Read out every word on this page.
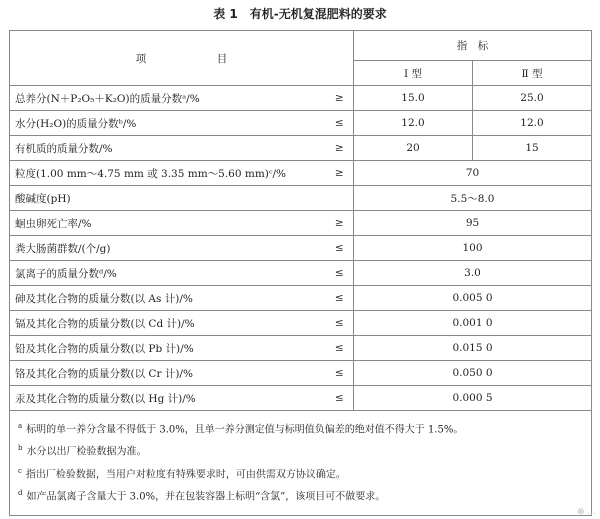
表 1　有机-无机复混肥料的要求
项　目		指　标	
		Ⅰ 型	Ⅱ 型
总养分(N＋P₂O₅＋K₂O)的质量分数ᵃ/%	≥	15.0	25.0
水分(H₂O)的质量分数ᵇ/%	≤	12.0	12.0
有机质的质量分数/%	≥	20	15
粒度(1.00 mm～4.75 mm 或 3.35 mm～5.60 mm)ᶜ/%	≥	70	
酸碱度(pH)		5.5～8.0	
蛔虫卵死亡率/%	≥	95	
粪大肠菌群数/(个/g)	≤	100	
氯离子的质量分数ᵈ/%	≤	3.0	
砷及其化合物的质量分数(以 As 计)/%	≤	0.005 0	
镉及其化合物的质量分数(以 Cd 计)/%	≤	0.001 0	
铅及其化合物的质量分数(以 Pb 计)/%	≤	0.015 0	
铬及其化合物的质量分数(以 Cr 计)/%	≤	0.050 0	
汞及其化合物的质量分数(以 Hg 计)/%	≤	0.000 5	

$^a$ 标明的单一养分含量不得低于 3.0%，且单一养分测定值与标明值负偏差的绝对值不得大于 1.5%。
$^b$ 水分以出厂检验数据为准。
$^c$ 指出厂检验数据，当用户对粒度有特殊要求时，可由供需双方协议确定。
$^d$ 如产品氯离子含量大于 3.0%，并在包装容器上标明“含氯”，该项目可不做要求。			
⊗ ...
